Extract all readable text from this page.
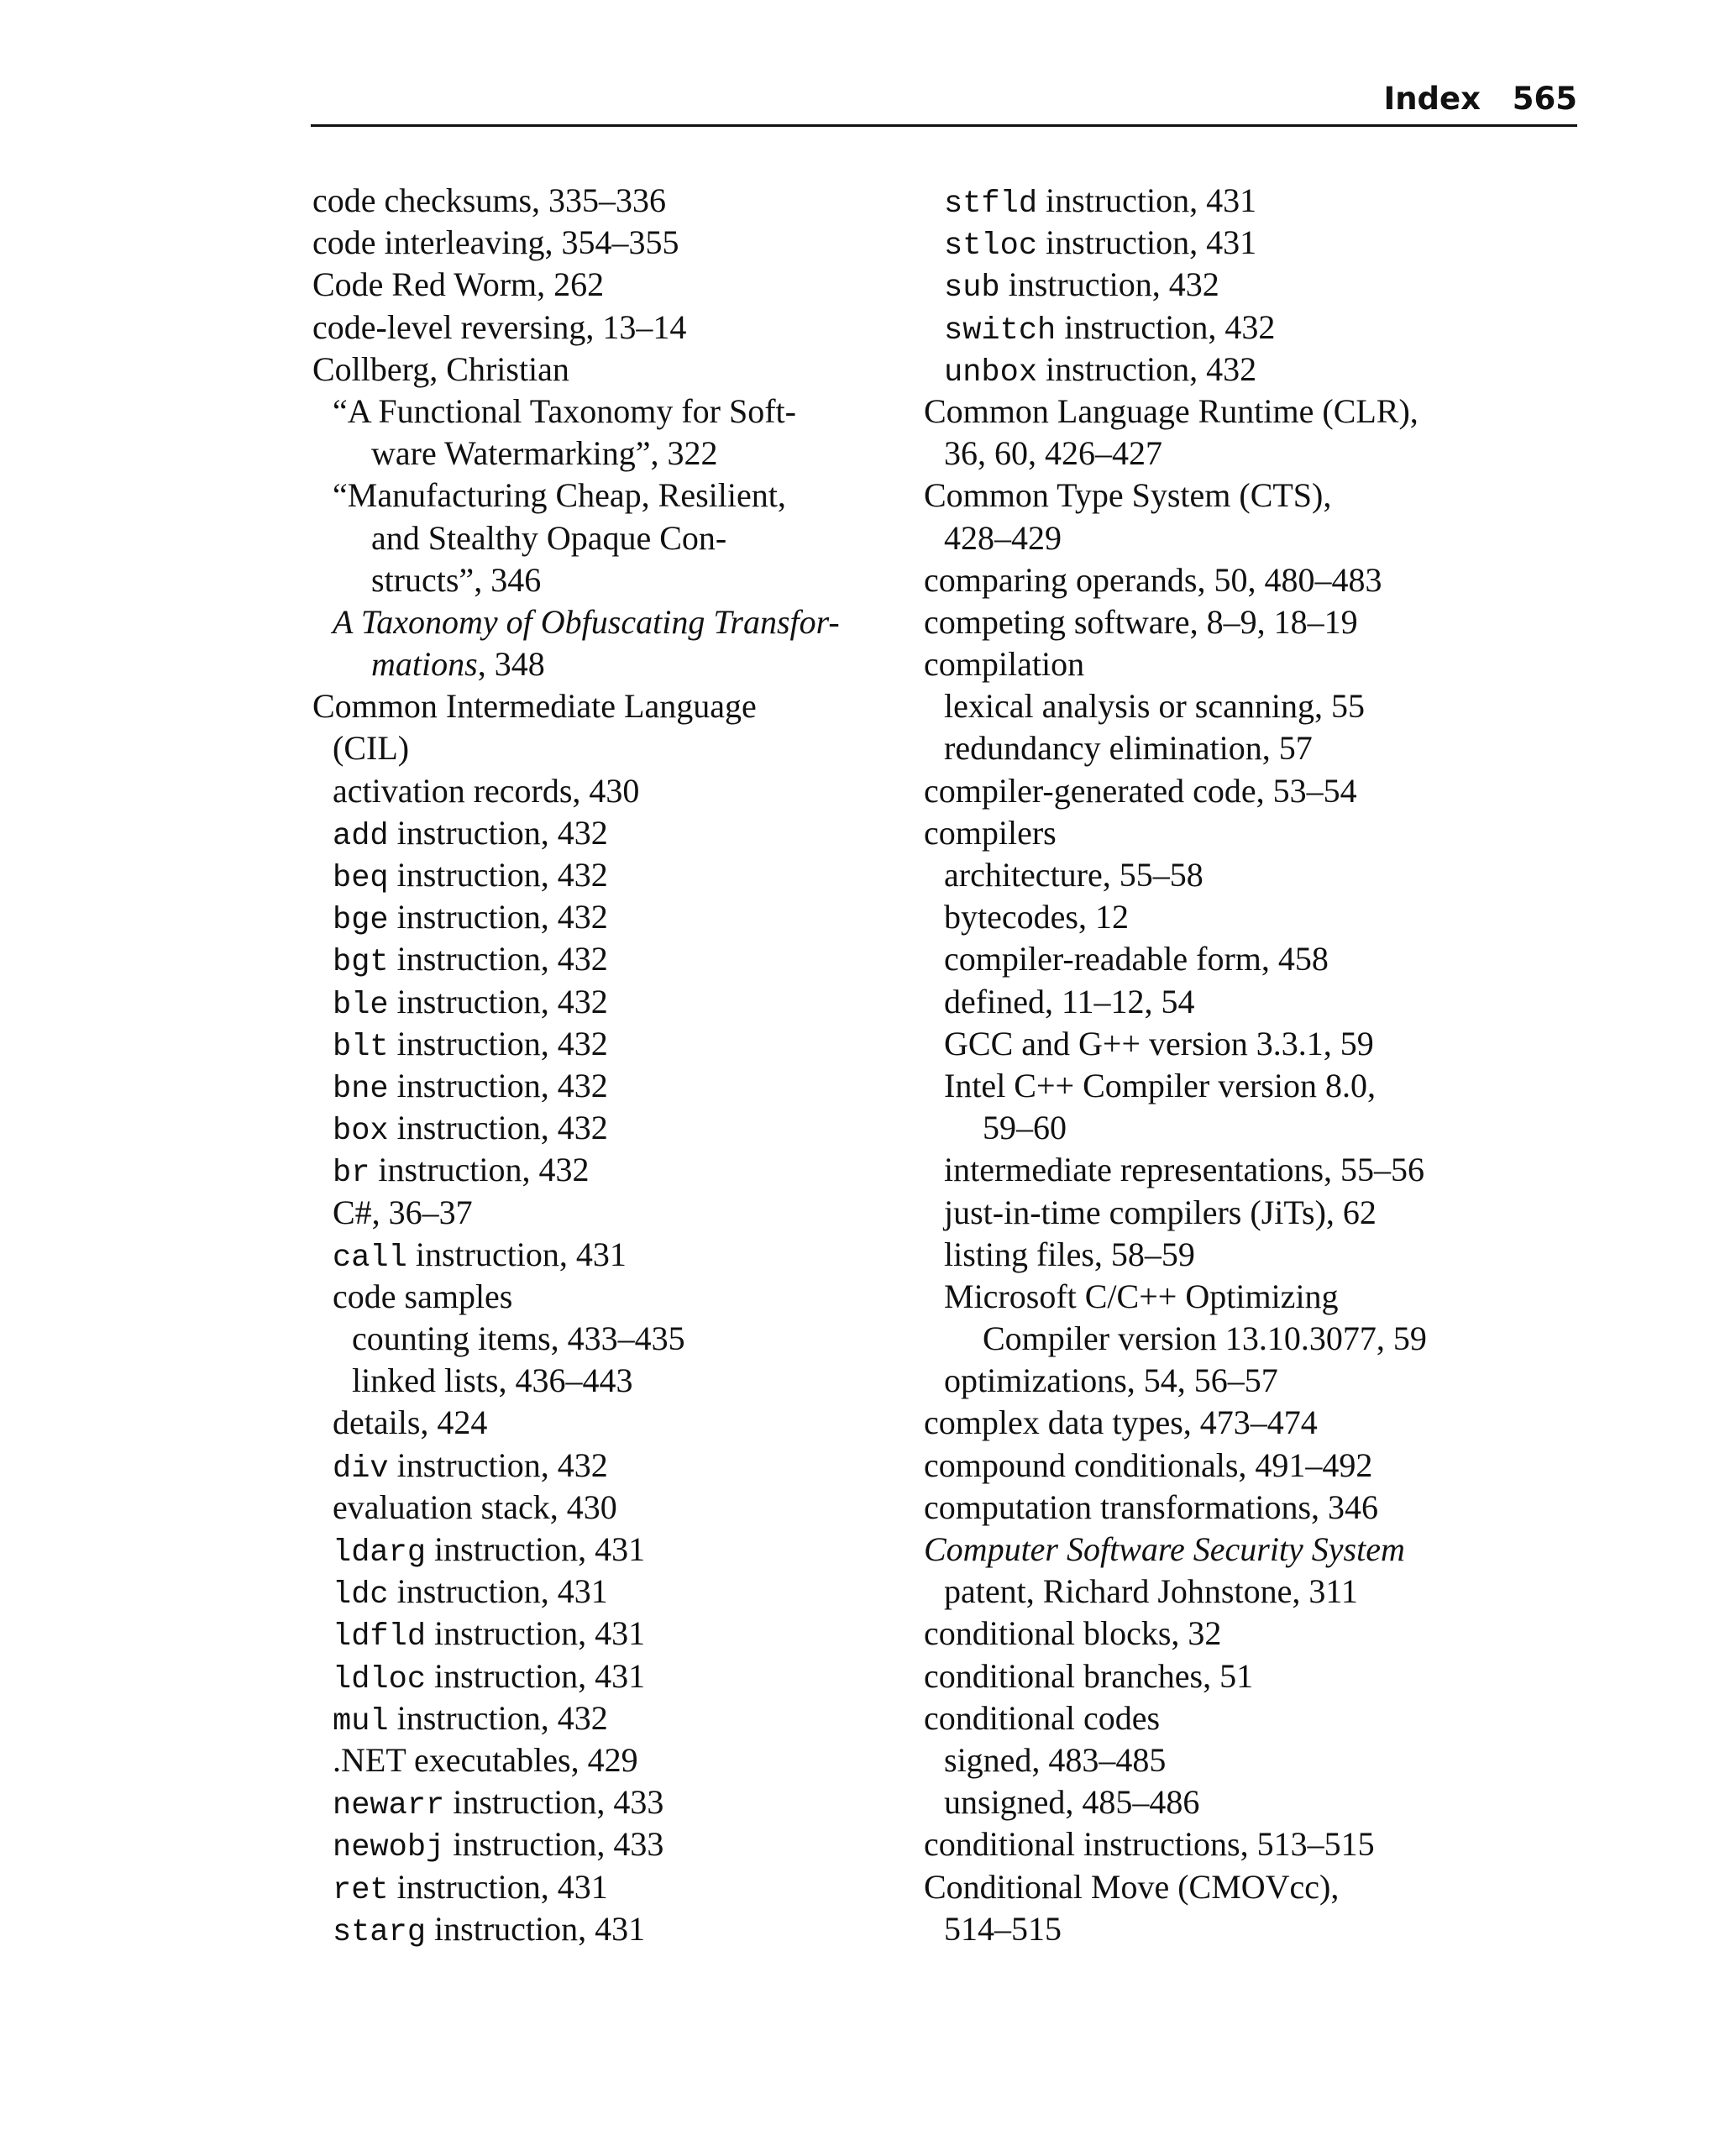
Index 565
code checksums, 335–336
code interleaving, 354–355
Code Red Worm, 262
code-level reversing, 13–14
Collberg, Christian
“A Functional Taxonomy for Soft-
ware Watermarking”, 322
“Manufacturing Cheap, Resilient,
and Stealthy Opaque Con-
structs”, 346
A Taxonomy of Obfuscating Transfor-
mations, 348
Common Intermediate Language
(CIL)
activation records, 430
add instruction, 432
beq instruction, 432
bge instruction, 432
bgt instruction, 432
ble instruction, 432
blt instruction, 432
bne instruction, 432
box instruction, 432
br instruction, 432
C#, 36–37
call instruction, 431
code samples
counting items, 433–435
linked lists, 436–443
details, 424
div instruction, 432
evaluation stack, 430
ldarg instruction, 431
ldc instruction, 431
ldfld instruction, 431
ldloc instruction, 431
mul instruction, 432
.NET executables, 429
newarr instruction, 433
newobj instruction, 433
ret instruction, 431
starg instruction, 431
stfld instruction, 431
stloc instruction, 431
sub instruction, 432
switch instruction, 432
unbox instruction, 432
Common Language Runtime (CLR),
36, 60, 426–427
Common Type System (CTS),
428–429
comparing operands, 50, 480–483
competing software, 8–9, 18–19
compilation
lexical analysis or scanning, 55
redundancy elimination, 57
compiler-generated code, 53–54
compilers
architecture, 55–58
bytecodes, 12
compiler-readable form, 458
defined, 11–12, 54
GCC and G++ version 3.3.1, 59
Intel C++ Compiler version 8.0,
59–60
intermediate representations, 55–56
just-in-time compilers (JiTs), 62
listing files, 58–59
Microsoft C/C++ Optimizing
Compiler version 13.10.3077, 59
optimizations, 54, 56–57
complex data types, 473–474
compound conditionals, 491–492
computation transformations, 346
Computer Software Security System
patent, Richard Johnstone, 311
conditional blocks, 32
conditional branches, 51
conditional codes
signed, 483–485
unsigned, 485–486
conditional instructions, 513–515
Conditional Move (CMOVcc),
514–515
